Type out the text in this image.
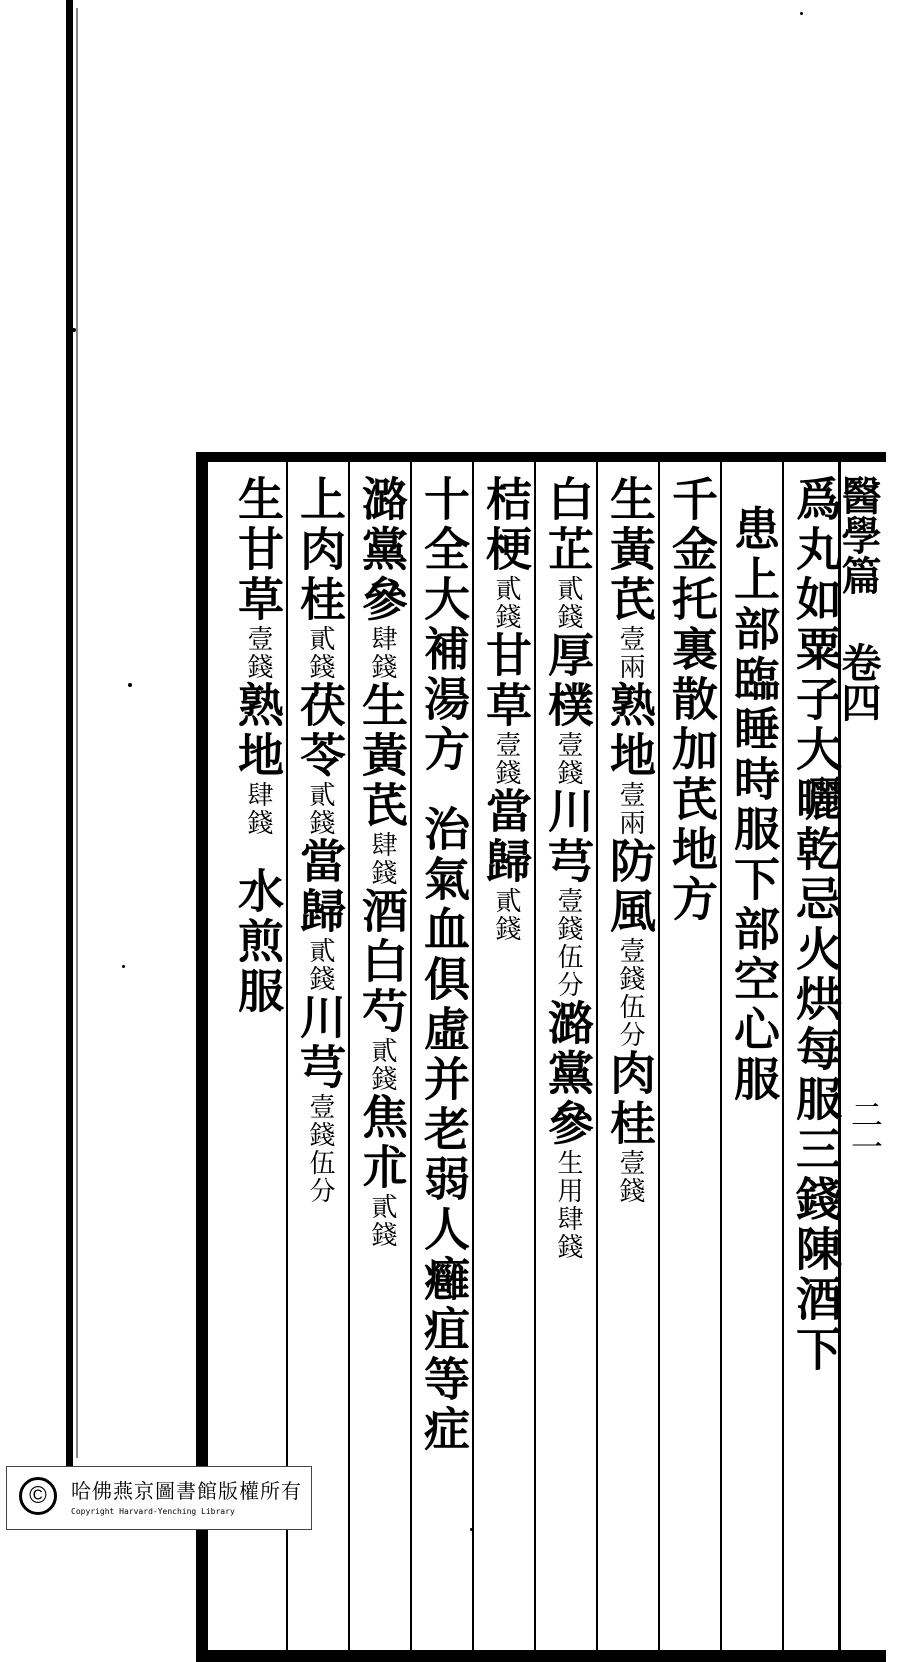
醫學篇 卷四
二一
爲丸如粟子大曬乾忌火烘每服三錢陳酒下
患上部臨睡時服下部空心服
千金托裏散加芪地方
生黃芪壹兩熟地壹兩防風壹錢伍分肉桂壹錢
白芷貳錢厚樸壹錢川芎壹錢伍分潞黨參生用肆錢
桔梗貳錢甘草壹錢當歸貳錢
十全大補湯方治氣血俱虛并老弱人癰疽等症
潞黨參肆錢生黃芪肆錢酒白芍貳錢焦朮貳錢
上肉桂貳錢茯苓貳錢當歸貳錢川芎壹錢伍分
生甘草壹錢熟地肆錢水煎服
©	哈佛燕京圖書館版權所有
Copyright Harvard-Yenching Library
